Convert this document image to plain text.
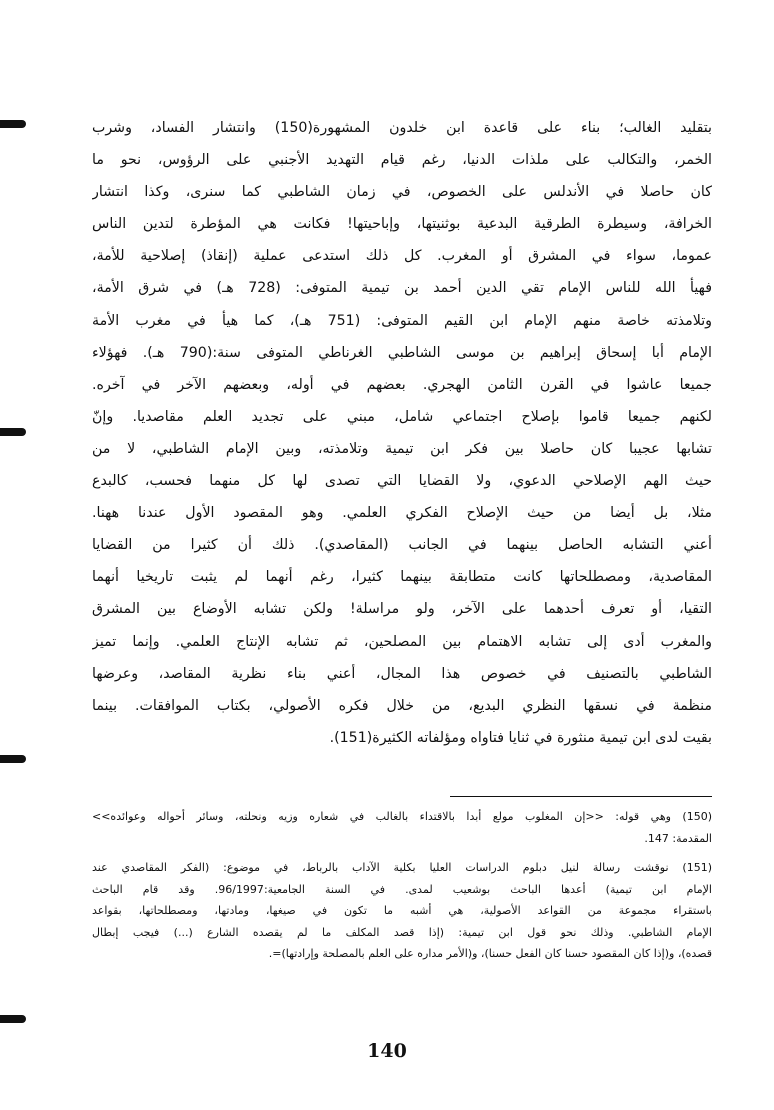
بتقليد الغالب؛ بناء على قاعدة ابن خلدون المشهورة(150) وانتشار الفساد، وشرب
الخمر، والتكالب على ملذات الدنيا، رغم قيام التهديد الأجنبي على الرؤوس، نحو ما
كان حاصلا في الأندلس على الخصوص، في زمان الشاطبي كما سنرى، وكذا انتشار
الخرافة، وسيطرة الطرقية البدعية بوثنيتها، وإباحيتها! فكانت هي المؤطرة لتدين الناس
عموما، سواء في المشرق أو المغرب. كل ذلك استدعى عملية (إنقاذ) إصلاحية للأمة،
فهيأ الله للناس الإمام تقي الدين أحمد بن تيمية المتوفى: (728 هـ) في شرق الأمة،
وتلامذته خاصة منهم الإمام ابن القيم المتوفى: (751 هـ)، كما هيأ في مغرب الأمة
الإمام أبا إسحاق إبراهيم بن موسى الشاطبي الغرناطي المتوفى سنة:(790 هـ). فهؤلاء
جميعا عاشوا في القرن الثامن الهجري. بعضهم في أوله، وبعضهم الآخر في آخره.
لكنهم جميعا قاموا بإصلاح اجتماعي شامل، مبني على تجديد العلم مقاصديا. وإنّ
تشابها عجيبا كان حاصلا بين فكر ابن تيمية وتلامذته، وبين الإمام الشاطبي، لا من
حيث الهم الإصلاحي الدعوي، ولا القضايا التي تصدى لها كل منهما فحسب، كالبدع
مثلا، بل أيضا من حيث الإصلاح الفكري العلمي. وهو المقصود الأول عندنا ههنا.
أعني التشابه الحاصل بينهما في الجانب (المقاصدي). ذلك أن كثيرا من القضايا
المقاصدية، ومصطلحاتها كانت متطابقة بينهما كثيرا، رغم أنهما لم يثبت تاريخيا أنهما
التقيا، أو تعرف أحدهما على الآخر، ولو مراسلة! ولكن تشابه الأوضاع بين المشرق
والمغرب أدى إلى تشابه الاهتمام بين المصلحين، ثم تشابه الإنتاج العلمي. وإنما تميز
الشاطبي بالتصنيف في خصوص هذا المجال، أعني بناء نظرية المقاصد، وعرضها
منظمة في نسقها النظري البديع، من خلال فكره الأصولي، بكتاب الموافقات. بينما
بقيت لدى ابن تيمية منثورة في ثنايا فتاواه ومؤلفاته الكثيرة(151).
(150) وهي قوله: <<إن المغلوب مولع أبدا بالاقتداء بالغالب في شعاره وزيه ونحلته، وسائر أحواله وعوائده>>
المقدمة: 147.
(151) نوقشت رسالة لنيل دبلوم الدراسات العليا بكلية الآداب بالرباط، في موضوع: (الفكر المقاصدي عند
الإمام ابن تيمية) أعدها الباحث بوشعيب لمدى. في السنة الجامعية:96/1997. وقد قام الباحث
باستقراء مجموعة من القواعد الأصولية، هي أشبه ما تكون في صيغها، ومادتها، ومصطلحاتها، بقواعد
الإمام الشاطبي. وذلك نحو قول ابن تيمية: (إذا قصد المكلف ما لم يقصده الشارع (...) فيجب إبطال
قصده)، و(إذا كان المقصود حسنا كان الفعل حسنا)، و(الأمر مداره على العلم بالمصلحة وإرادتها)=.
140
